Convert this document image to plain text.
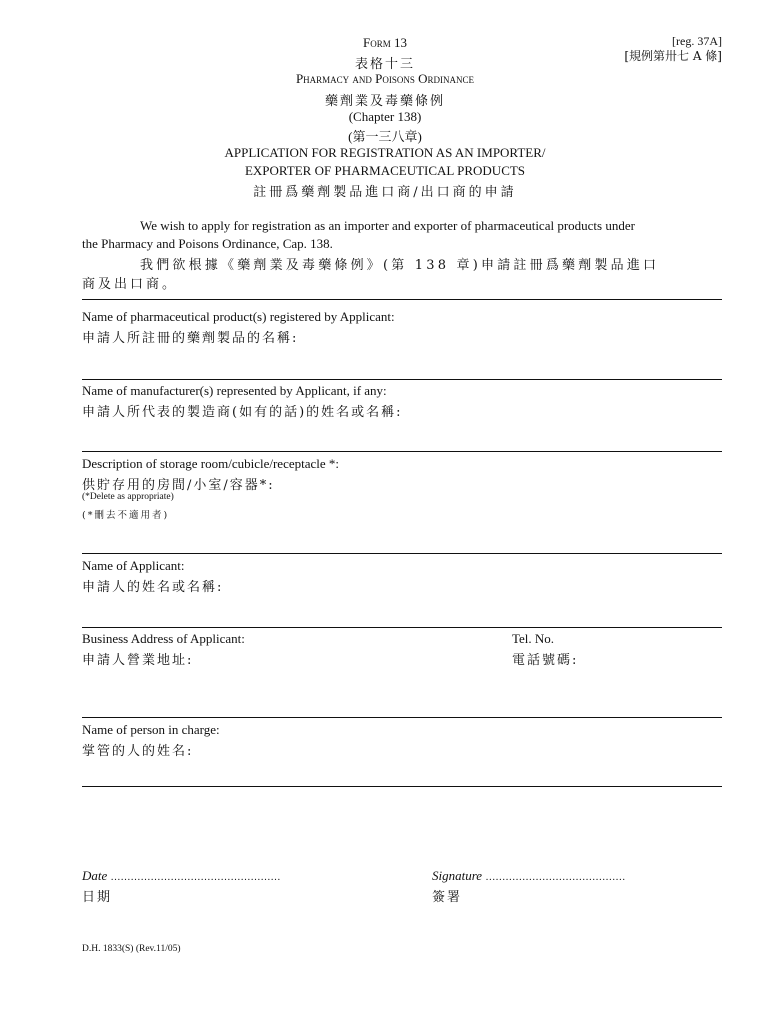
[reg. 37A]
[規例第卅七 A 條]
Form 13
表格十三
Pharmacy and Poisons Ordinance
藥劑業及毒藥條例
(Chapter 138)
(第一三八章)
APPLICATION FOR REGISTRATION AS AN IMPORTER/
EXPORTER OF PHARMACEUTICAL PRODUCTS
註冊爲藥劑製品進口商/出口商的申請
We wish to apply for registration as an importer and exporter of pharmaceutical products under
the Pharmacy and Poisons Ordinance, Cap. 138.
我們欲根據《藥劑業及毒藥條例》(第 138 章)申請註冊爲藥劑製品進口
商及出口商。
Name of pharmaceutical product(s) registered by Applicant:
申請人所註冊的藥劑製品的名稱:
Name of manufacturer(s) represented by Applicant, if any:
申請人所代表的製造商(如有的話)的姓名或名稱:
Description of storage room/cubicle/receptacle *:
供貯存用的房間/小室/容器*:
(*Delete as appropriate)
(*刪去不適用者)
Name of Applicant:
申請人的姓名或名稱:
Business Address of Applicant:
申請人營業地址:
Tel. No.
電話號碼:
Name of person in charge:
掌管的人的姓名:
Date ……………………………………………
日期
Signature ……………………………………
簽署
D.H. 1833(S) (Rev.11/05)
